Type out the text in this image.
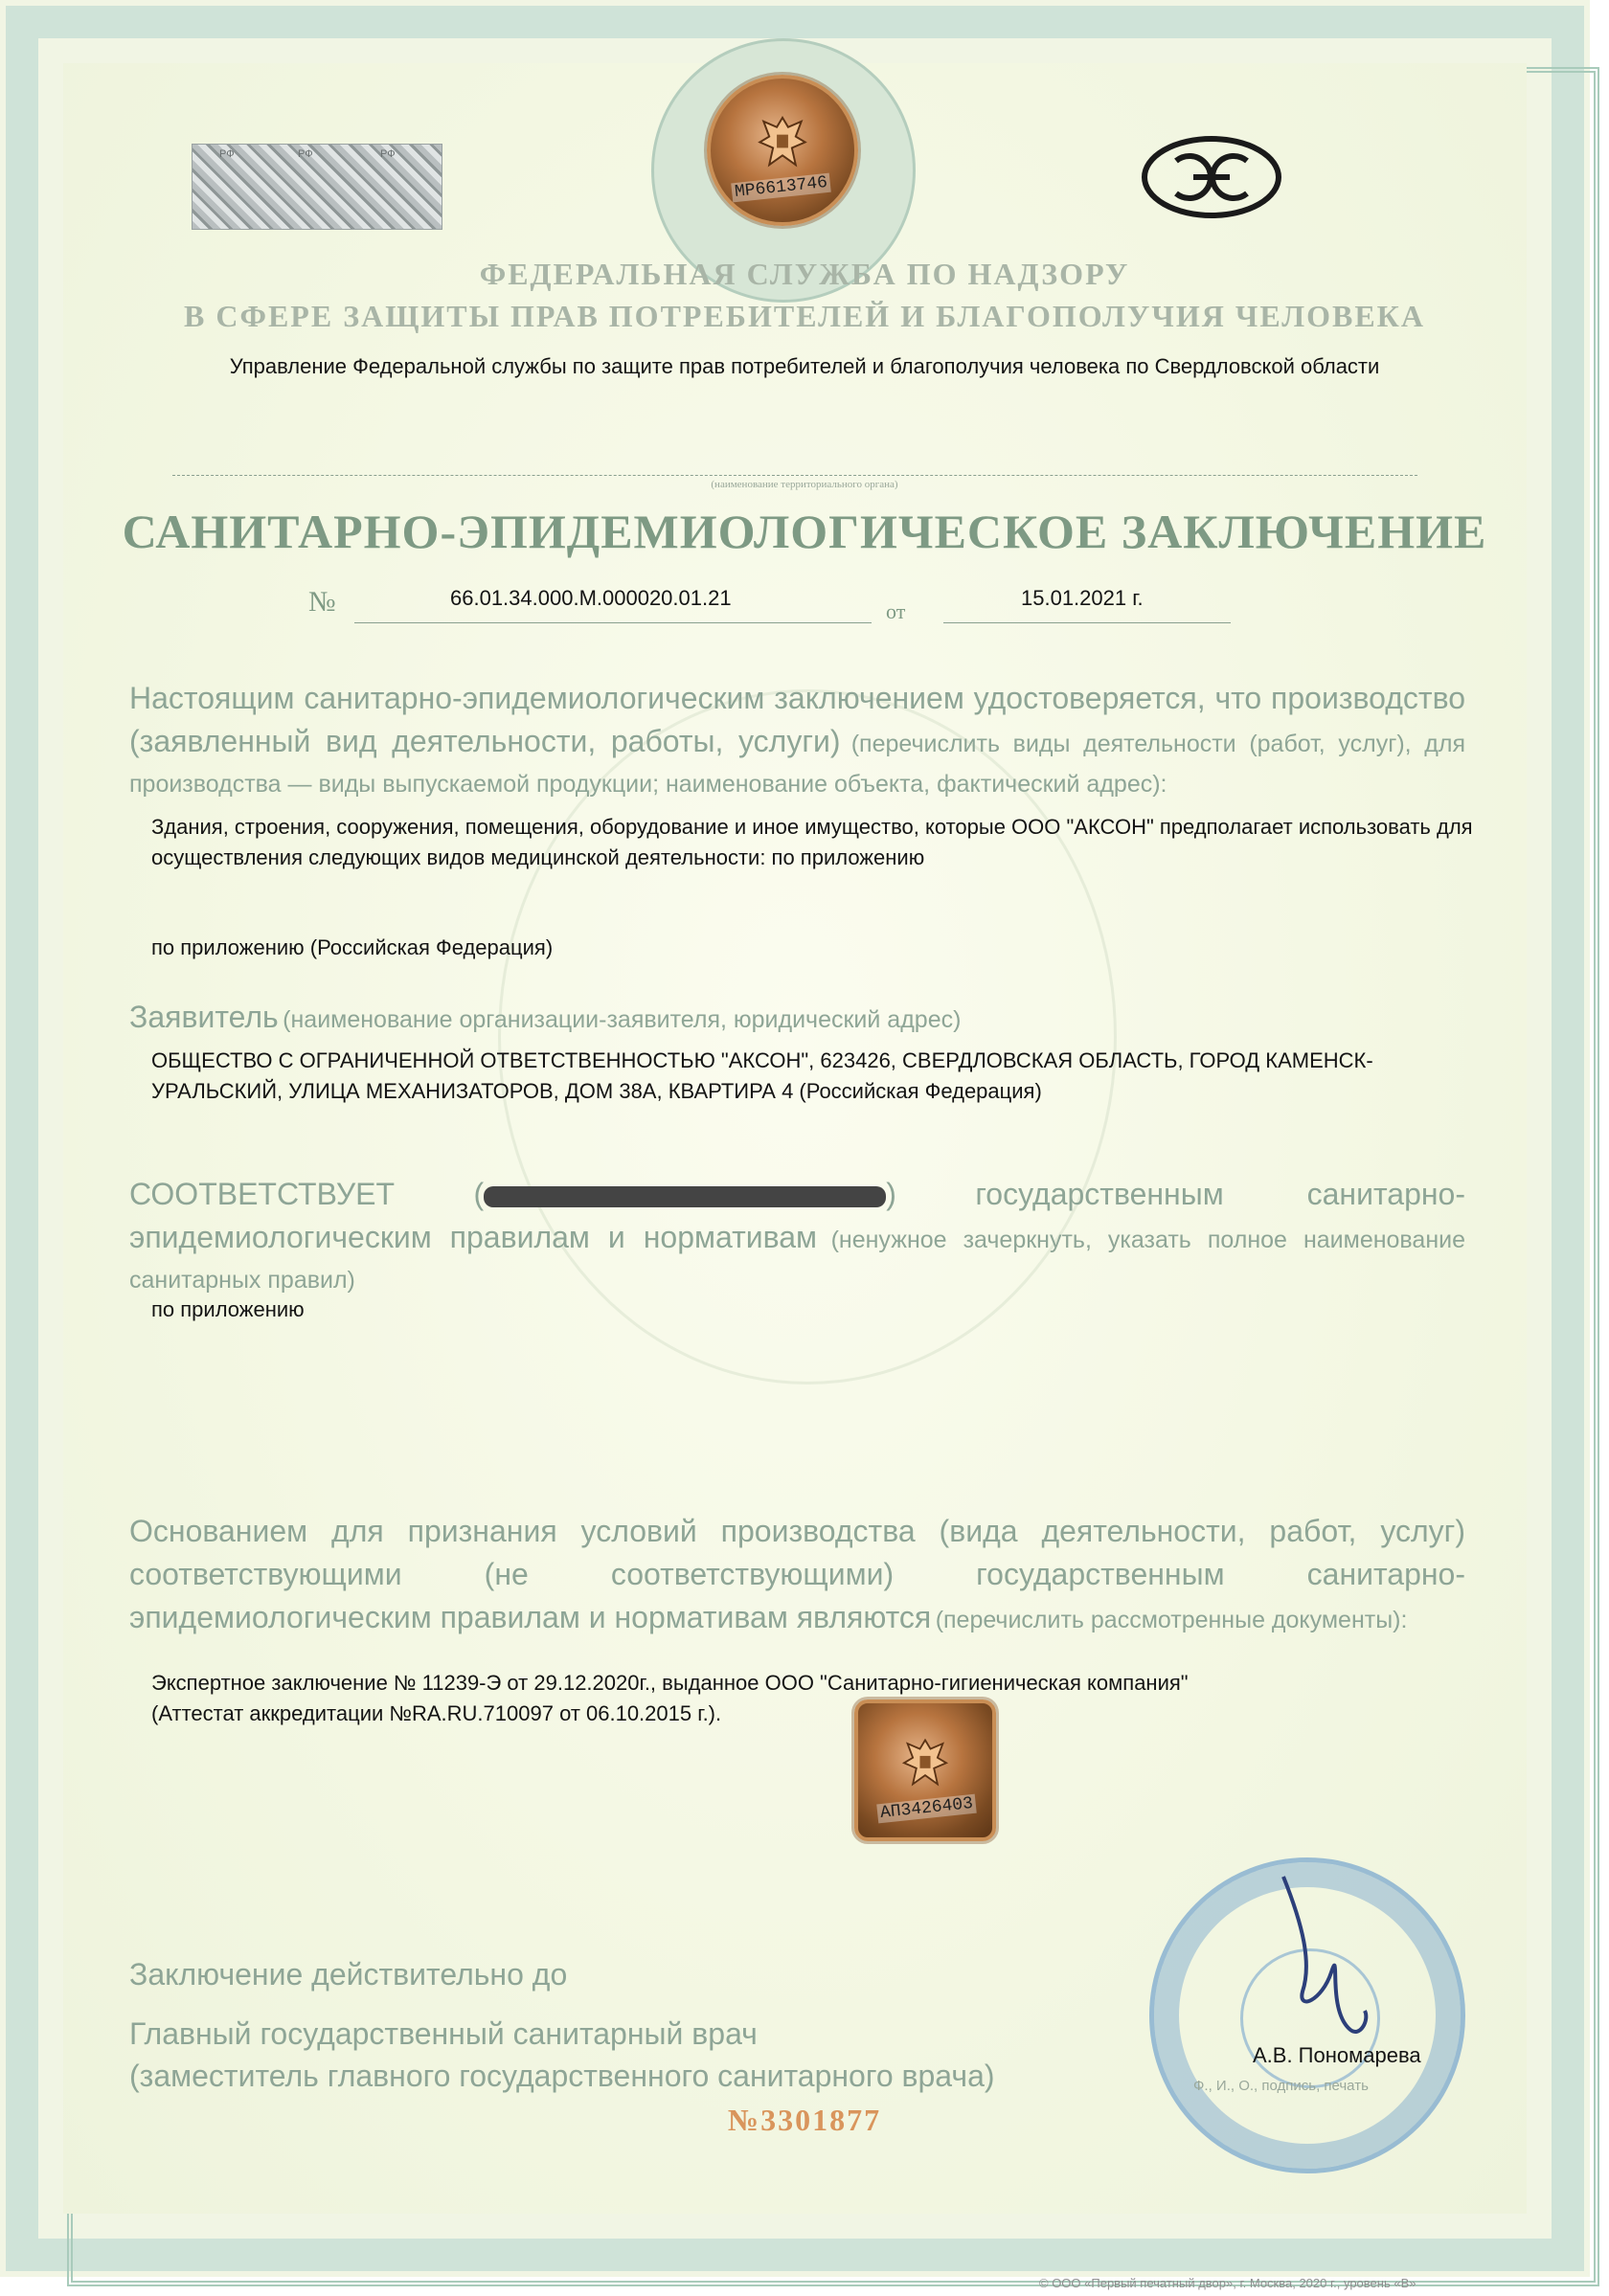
РФ	РФ	РФ
МР6613746
ФЕДЕРАЛЬНАЯ СЛУЖБА ПО НАДЗОРУ
В СФЕРЕ ЗАЩИТЫ ПРАВ ПОТРЕБИТЕЛЕЙ И БЛАГОПОЛУЧИЯ ЧЕЛОВЕКА
Управление Федеральной службы по защите прав потребителей и благополучия человека по Свердловской области
(наименование территориального органа)
САНИТАРНО-ЭПИДЕМИОЛОГИЧЕСКОЕ ЗАКЛЮЧЕНИЕ
№	66.01.34.000.М.000020.01.21
от
15.01.2021 г.
Настоящим санитарно-эпидемиологическим заключением удостоверяется, что производство (заявленный вид деятельности, работы, услуги) (перечислить виды деятельности (работ, услуг), для производства — виды выпускаемой продукции; наименование объекта, фактический адрес):
Здания, строения, сооружения, помещения, оборудование и иное имущество, которые ООО "АКСОН" предполагает использовать для осуществления следующих видов медицинской деятельности: по приложению
по приложению (Российская Федерация)
Заявитель (наименование организации-заявителя, юридический адрес)
ОБЩЕСТВО С ОГРАНИЧЕННОЙ ОТВЕТСТВЕННОСТЬЮ "АКСОН", 623426, СВЕРДЛОВСКАЯ ОБЛАСТЬ, ГОРОД КАМЕНСК-УРАЛЬСКИЙ, УЛИЦА МЕХАНИЗАТОРОВ, ДОМ 38А, КВАРТИРА 4 (Российская Федерация)
СООТВЕТСТВУЕТ	(	)	государственным санитарно-эпидемиологическим правилам и нормативам (ненужное зачеркнуть, указать полное наименование санитарных правил)
по приложению
Основанием для признания условий производства (вида деятельности, работ, услуг) соответствующими (не соответствующими) государственным санитарно-эпидемиологическим правилам и нормативам являются (перечислить рассмотренные документы):
Экспертное заключение № 11239-Э от 29.12.2020г., выданное ООО "Санитарно-гигиеническая компания"
(Аттестат аккредитации №RA.RU.710097 от 06.10.2015 г.).
АП3426403
Заключение действительно до
Главный государственный санитарный врач
(заместитель главного государственного санитарного врача)
А.В. Пономарева
Ф., И., О., подпись, печать
№3301877
© ООО «Первый печатный двор», г. Москва, 2020 г., уровень «В»
